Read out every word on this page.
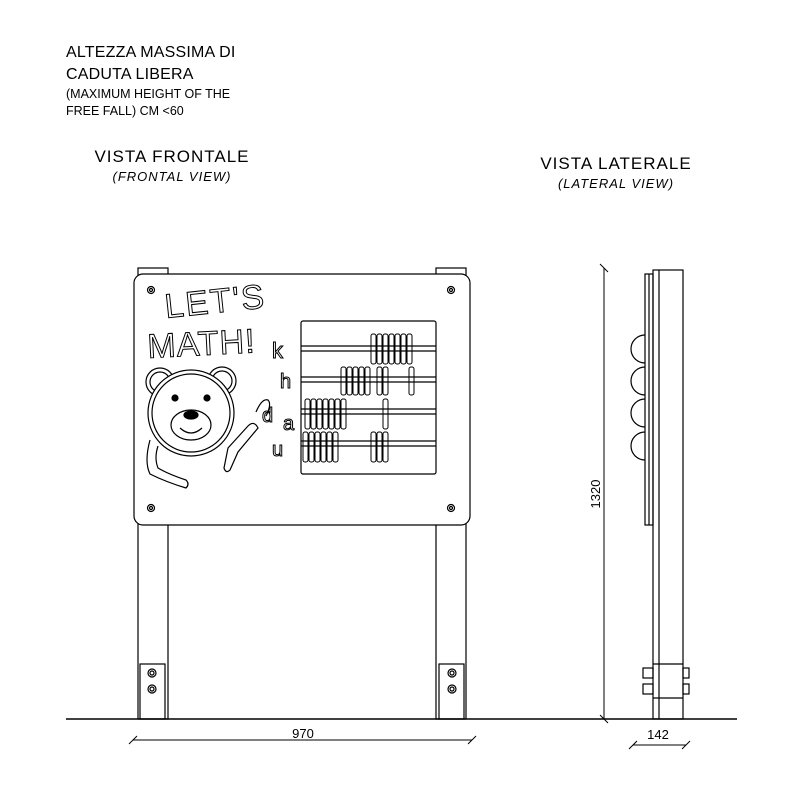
ALTEZZA MASSIMA DI
CADUTA LIBERA
(MAXIMUM HEIGHT OF THE
FREE FALL) CM <60
VISTA FRONTALE
(FRONTAL VIEW)
VISTA LATERALE
(LATERAL VIEW)
LET'S
MATH! k
h
d a
u
970
1320
142
